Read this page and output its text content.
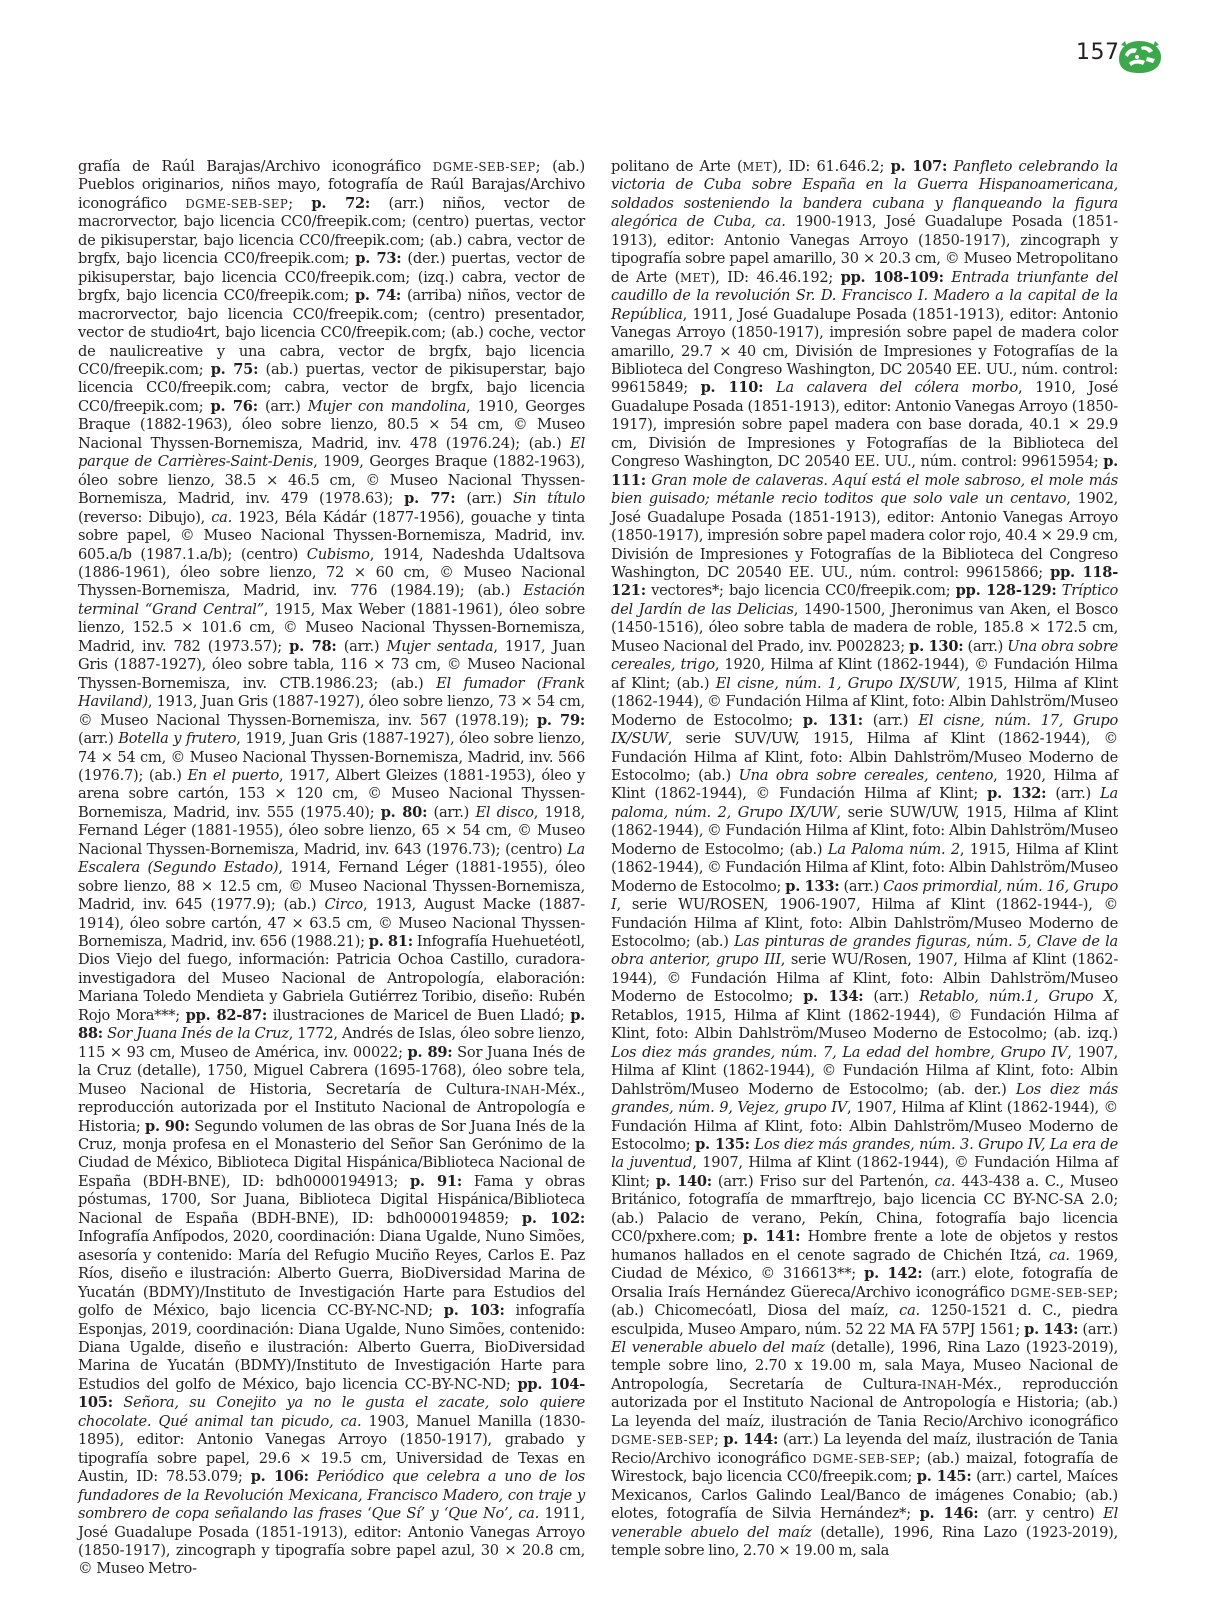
157

grafía de Raúl Barajas/Archivo iconográfico DGME-SEB-SEP; (ab.) Pueblos originarios, niños mayo, fotografía de Raúl Barajas/Archivo iconográfico DGME-SEB-SEP; p. 72: (arr.) niños, vector de macrorvector, bajo licencia CC0/freepik.com; (centro) puertas, vector de pikisuperstar, bajo licencia CC0/freepik.com; (ab.) cabra, vector de brgfx, bajo licencia CC0/freepik.com; p. 73: (der.) puertas, vector de pikisuperstar, bajo licencia CC0/freepik.com; (izq.) cabra, vector de brgfx, bajo licencia CC0/freepik.com; p. 74: (arriba) niños, vector de macrorvector, bajo licencia CC0/freepik.com; (centro) presentador, vector de studio4rt, bajo licencia CC0/freepik.com; (ab.) coche, vector de naulicreative y una cabra, vector de brgfx, bajo licencia CC0/freepik.com; p. 75: (ab.) puertas, vector de pikisuperstar, bajo licencia CC0/freepik.com; cabra, vector de brgfx, bajo licencia CC0/freepik.com; p. 76: (arr.) Mujer con mandolina, 1910, Georges Braque (1882-1963), óleo sobre lienzo, 80.5 × 54 cm, © Museo Nacional Thyssen-Bornemisza, Madrid, inv. 478 (1976.24); (ab.) El parque de Carrières-Saint-Denis, 1909, Georges Braque (1882-1963), óleo sobre lienzo, 38.5 × 46.5 cm, © Museo Nacional Thyssen-Bornemisza, Madrid, inv. 479 (1978.63); p. 77: (arr.) Sin título (reverso: Dibujo), ca. 1923, Béla Kádár (1877-1956), gouache y tinta sobre papel, © Museo Nacional Thyssen-Bornemisza, Madrid, inv. 605.a/b (1987.1.a/b); (centro) Cubismo, 1914, Nadeshda Udaltsova (1886-1961), óleo sobre lienzo, 72 × 60 cm, © Museo Nacional Thyssen-Bornemisza, Madrid, inv. 776 (1984.19); (ab.) Estación terminal “Grand Central”, 1915, Max Weber (1881-1961), óleo sobre lienzo, 152.5 × 101.6 cm, © Museo Nacional Thyssen-Bornemisza, Madrid, inv. 782 (1973.57); p. 78: (arr.) Mujer sentada, 1917, Juan Gris (1887-1927), óleo sobre tabla, 116 × 73 cm, © Museo Nacional Thyssen-Bornemisza, inv. CTB.1986.23; (ab.) El fumador (Frank Haviland), 1913, Juan Gris (1887-1927), óleo sobre lienzo, 73 × 54 cm, © Museo Nacional Thyssen-Bornemisza, inv. 567 (1978.19); p. 79: (arr.) Botella y frutero, 1919, Juan Gris (1887-1927), óleo sobre lienzo, 74 × 54 cm, © Museo Nacional Thyssen-Bornemisza, Madrid, inv. 566 (1976.7); (ab.) En el puerto, 1917, Albert Gleizes (1881-1953), óleo y arena sobre cartón, 153 × 120 cm, © Museo Nacional Thyssen-Bornemisza, Madrid, inv. 555 (1975.40); p. 80: (arr.) El disco, 1918, Fernand Léger (1881-1955), óleo sobre lienzo, 65 × 54 cm, © Museo Nacional Thyssen-Bornemisza, Madrid, inv. 643 (1976.73); (centro) La Escalera (Segundo Estado), 1914, Fernand Léger (1881-1955), óleo sobre lienzo, 88 × 12.5 cm, © Museo Nacional Thyssen-Bornemisza, Madrid, inv. 645 (1977.9); (ab.) Circo, 1913, August Macke (1887-1914), óleo sobre cartón, 47 × 63.5 cm, © Museo Nacional Thyssen-Bornemisza, Madrid, inv. 656 (1988.21); p. 81: Infografía Huehuetéotl, Dios Viejo del fuego, información: Patricia Ochoa Castillo, curadora-investigadora del Museo Nacional de Antropología, elaboración: Mariana Toledo Mendieta y Gabriela Gutiérrez Toribio, diseño: Rubén Rojo Mora***; pp. 82-87: ilustraciones de Maricel de Buen Lladó; p. 88: Sor Juana Inés de la Cruz, 1772, Andrés de Islas, óleo sobre lienzo, 115 × 93 cm, Museo de América, inv. 00022; p. 89: Sor Juana Inés de la Cruz (detalle), 1750, Miguel Cabrera (1695-1768), óleo sobre tela, Museo Nacional de Historia, Secretaría de Cultura-INAH-Méx., reproducción autorizada por el Instituto Nacional de Antropología e Historia; p. 90: Segundo volumen de las obras de Sor Juana Inés de la Cruz, monja profesa en el Monasterio del Señor San Gerónimo de la Ciudad de México, Biblioteca Digital Hispánica/Biblioteca Nacional de España (BDH-BNE), ID: bdh0000194913; p. 91: Fama y obras póstumas, 1700, Sor Juana, Biblioteca Digital Hispánica/Biblioteca Nacional de España (BDH-BNE), ID: bdh0000194859; p. 102: Infografía Anfípodos, 2020, coordinación: Diana Ugalde, Nuno Simões, asesoría y contenido: María del Refugio Muciño Reyes, Carlos E. Paz Ríos, diseño e ilustración: Alberto Guerra, BioDiversidad Marina de Yucatán (BDMY)/Instituto de Investigación Harte para Estudios del golfo de México, bajo licencia CC-BY-NC-ND; p. 103: infografía Esponjas, 2019, coordinación: Diana Ugalde, Nuno Simões, contenido: Diana Ugalde, diseño e ilustración: Alberto Guerra, BioDiversidad Marina de Yucatán (BDMY)/Instituto de Investigación Harte para Estudios del golfo de México, bajo licencia CC-BY-NC-ND; pp. 104-105: Señora, su Conejito ya no le gusta el zacate, solo quiere chocolate. Qué animal tan picudo, ca. 1903, Manuel Manilla (1830-1895), editor: Antonio Vanegas Arroyo (1850-1917), grabado y tipografía sobre papel, 29.6 × 19.5 cm, Universidad de Texas en Austin, ID: 78.53.079; p. 106: Periódico que celebra a uno de los fundadores de la Revolución Mexicana, Francisco Madero, con traje y sombrero de copa señalando las frases ‘Que Sí’ y ‘Que No’, ca. 1911, José Guadalupe Posada (1851-1913), editor: Antonio Vanegas Arroyo (1850-1917), zincograph y tipografía sobre papel azul, 30 × 20.8 cm, © Museo Metro-

politano de Arte (MET), ID: 61.646.2; p. 107: Panfleto celebrando la victoria de Cuba sobre España en la Guerra Hispanoamericana, soldados sosteniendo la bandera cubana y flanqueando la figura alegórica de Cuba, ca. 1900-1913, José Guadalupe Posada (1851-1913), editor: Antonio Vanegas Arroyo (1850-1917), zincograph y tipografía sobre papel amarillo, 30 × 20.3 cm, © Museo Metropolitano de Arte (MET), ID: 46.46.192; pp. 108-109: Entrada triunfante del caudillo de la revolución Sr. D. Francisco I. Madero a la capital de la República, 1911, José Guadalupe Posada (1851-1913), editor: Antonio Vanegas Arroyo (1850-1917), impresión sobre papel de madera color amarillo, 29.7 × 40 cm, División de Impresiones y Fotografías de la Biblioteca del Congreso Washington, DC 20540 EE. UU., núm. control: 99615849; p. 110: La calavera del cólera morbo, 1910, José Guadalupe Posada (1851-1913), editor: Antonio Vanegas Arroyo (1850-1917), impresión sobre papel madera con base dorada, 40.1 × 29.9 cm, División de Impresiones y Fotografías de la Biblioteca del Congreso Washington, DC 20540 EE. UU., núm. control: 99615954; p. 111: Gran mole de calaveras. Aquí está el mole sabroso, el mole más bien guisado; métanle recio toditos que solo vale un centavo, 1902, José Guadalupe Posada (1851-1913), editor: Antonio Vanegas Arroyo (1850-1917), impresión sobre papel madera color rojo, 40.4 × 29.9 cm, División de Impresiones y Fotografías de la Biblioteca del Congreso Washington, DC 20540 EE. UU., núm. control: 99615866; pp. 118-121: vectores*; bajo licencia CC0/freepik.com; pp. 128-129: Tríptico del Jardín de las Delicias, 1490-1500, Jheronimus van Aken, el Bosco (1450-1516), óleo sobre tabla de madera de roble, 185.8 × 172.5 cm, Museo Nacional del Prado, inv. P002823; p. 130: (arr.) Una obra sobre cereales, trigo, 1920, Hilma af Klint (1862-1944), © Fundación Hilma af Klint; (ab.) El cisne, núm. 1, Grupo IX/SUW, 1915, Hilma af Klint (1862-1944), © Fundación Hilma af Klint, foto: Albin Dahlström/Museo Moderno de Estocolmo; p. 131: (arr.) El cisne, núm. 17, Grupo IX/SUW, serie SUV/UW, 1915, Hilma af Klint (1862-1944), © Fundación Hilma af Klint, foto: Albin Dahlström/Museo Moderno de Estocolmo; (ab.) Una obra sobre cereales, centeno, 1920, Hilma af Klint (1862-1944), © Fundación Hilma af Klint; p. 132: (arr.) La paloma, núm. 2, Grupo IX/UW, serie SUW/UW, 1915, Hilma af Klint (1862-1944), © Fundación Hilma af Klint, foto: Albin Dahlström/Museo Moderno de Estocolmo; (ab.) La Paloma núm. 2, 1915, Hilma af Klint (1862-1944), © Fundación Hilma af Klint, foto: Albin Dahlström/Museo Moderno de Estocolmo; p. 133: (arr.) Caos primordial, núm. 16, Grupo I, serie WU/ROSEN, 1906-1907, Hilma af Klint (1862-1944-), © Fundación Hilma af Klint, foto: Albin Dahlström/Museo Moderno de Estocolmo; (ab.) Las pinturas de grandes figuras, núm. 5, Clave de la obra anterior, grupo III, serie WU/Rosen, 1907, Hilma af Klint (1862-1944), © Fundación Hilma af Klint, foto: Albin Dahlström/Museo Moderno de Estocolmo; p. 134: (arr.) Retablo, núm.1, Grupo X, Retablos, 1915, Hilma af Klint (1862-1944), © Fundación Hilma af Klint, foto: Albin Dahlström/Museo Moderno de Estocolmo; (ab. izq.) Los diez más grandes, núm. 7, La edad del hombre, Grupo IV, 1907, Hilma af Klint (1862-1944), © Fundación Hilma af Klint, foto: Albin Dahlström/Museo Moderno de Estocolmo; (ab. der.) Los diez más grandes, núm. 9, Vejez, grupo IV, 1907, Hilma af Klint (1862-1944), © Fundación Hilma af Klint, foto: Albin Dahlström/Museo Moderno de Estocolmo; p. 135: Los diez más grandes, núm. 3. Grupo IV, La era de la juventud, 1907, Hilma af Klint (1862-1944), © Fundación Hilma af Klint; p. 140: (arr.) Friso sur del Partenón, ca. 443-438 a. C., Museo Británico, fotografía de mmarftrejo, bajo licencia CC BY-NC-SA 2.0; (ab.) Palacio de verano, Pekín, China, fotografía bajo licencia CC0/pxhere.com; p. 141: Hombre frente a lote de objetos y restos humanos hallados en el cenote sagrado de Chichén Itzá, ca. 1969, Ciudad de México, © 316613**; p. 142: (arr.) elote, fotografía de Orsalia Iraís Hernández Güereca/Archivo iconográfico DGME-SEB-SEP; (ab.) Chicomecóatl, Diosa del maíz, ca. 1250-1521 d. C., piedra esculpida, Museo Amparo, núm. 52 22 MA FA 57PJ 1561; p. 143: (arr.) El venerable abuelo del maíz (detalle), 1996, Rina Lazo (1923-2019), temple sobre lino, 2.70 x 19.00 m, sala Maya, Museo Nacional de Antropología, Secretaría de Cultura-INAH-Méx., reproducción autorizada por el Instituto Nacional de Antropología e Historia; (ab.) La leyenda del maíz, ilustración de Tania Recio/Archivo iconográfico DGME-SEB-SEP; p. 144: (arr.) La leyenda del maíz, ilustración de Tania Recio/Archivo iconográfico DGME-SEB-SEP; (ab.) maizal, fotografía de Wirestock, bajo licencia CC0/freepik.com; p. 145: (arr.) cartel, Maíces Mexicanos, Carlos Galindo Leal/Banco de imágenes Conabio; (ab.) elotes, fotografía de Silvia Hernández*; p. 146: (arr. y centro) El venerable abuelo del maíz (detalle), 1996, Rina Lazo (1923-2019), temple sobre lino, 2.70 × 19.00 m, sala
